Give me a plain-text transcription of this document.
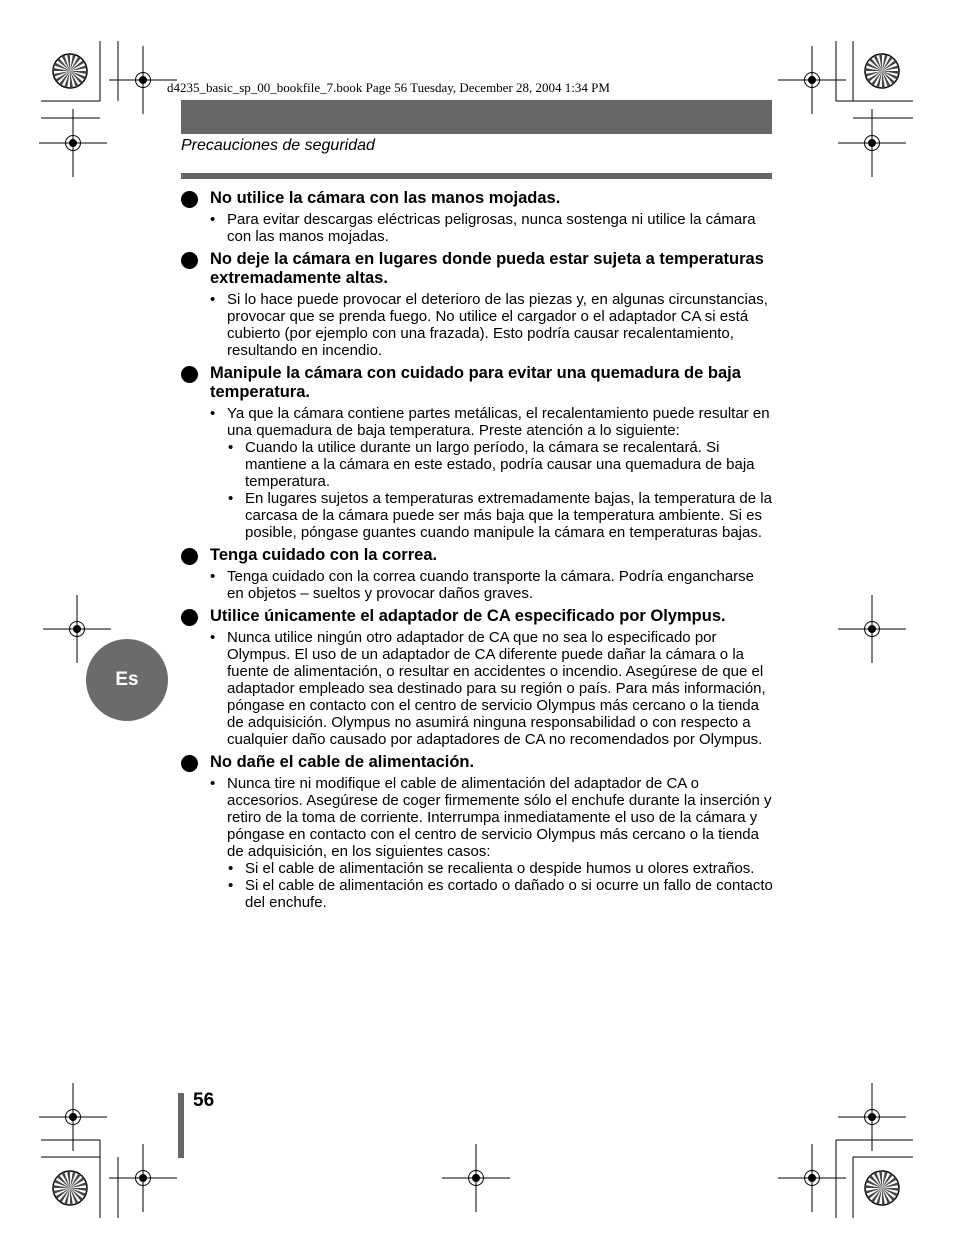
d4235_basic_sp_00_bookfile_7.book Page 56 Tuesday, December 28, 2004 1:34 PM
Precauciones de seguridad
No utilice la cámara con las manos mojadas.
• Para evitar descargas eléctricas peligrosas, nunca sostenga ni utilice la cámara con las manos mojadas.
No deje la cámara en lugares donde pueda estar sujeta a temperaturas extremadamente altas.
• Si lo hace puede provocar el deterioro de las piezas y, en algunas circunstancias, provocar que se prenda fuego. No utilice el cargador o el adaptador CA si está cubierto (por ejemplo con una frazada). Esto podría causar recalentamiento, resultando en incendio.
Manipule la cámara con cuidado para evitar una quemadura de baja temperatura.
• Ya que la cámara contiene partes metálicas, el recalentamiento puede resultar en una quemadura de baja temperatura. Preste atención a lo siguiente:
• Cuando la utilice durante un largo período, la cámara se recalentará. Si mantiene a la cámara en este estado, podría causar una quemadura de baja temperatura.
• En lugares sujetos a temperaturas extremadamente bajas, la temperatura de la carcasa de la cámara puede ser más baja que la temperatura ambiente. Si es posible, póngase guantes cuando manipule la cámara en temperaturas bajas.
Tenga cuidado con la correa.
• Tenga cuidado con la correa cuando transporte la cámara. Podría engancharse en objetos – sueltos y provocar daños graves.
Utilice únicamente el adaptador de CA especificado por Olympus.
• Nunca utilice ningún otro adaptador de CA que no sea lo especificado por Olympus. El uso de un adaptador de CA diferente puede dañar la cámara o la fuente de alimentación, o resultar en accidentes o incendio. Asegúrese de que el adaptador empleado sea destinado para su región o país. Para más información, póngase en contacto con el centro de servicio Olympus más cercano o la tienda de adquisición. Olympus no asumirá ninguna responsabilidad o con respecto a cualquier daño causado por adaptadores de CA no recomendados por Olympus.
No dañe el cable de alimentación.
• Nunca tire ni modifique el cable de alimentación del adaptador de CA o accesorios. Asegúrese de coger firmemente sólo el enchufe durante la inserción y retiro de la toma de corriente. Interrumpa inmediatamente el uso de la cámara y póngase en contacto con el centro de servicio Olympus más cercano o la tienda de adquisición, en los siguientes casos:
• Si el cable de alimentación se recalienta o despide humos u olores extraños.
• Si el cable de alimentación es cortado o dañado o si ocurre un fallo de contacto del enchufe.
Es
56
